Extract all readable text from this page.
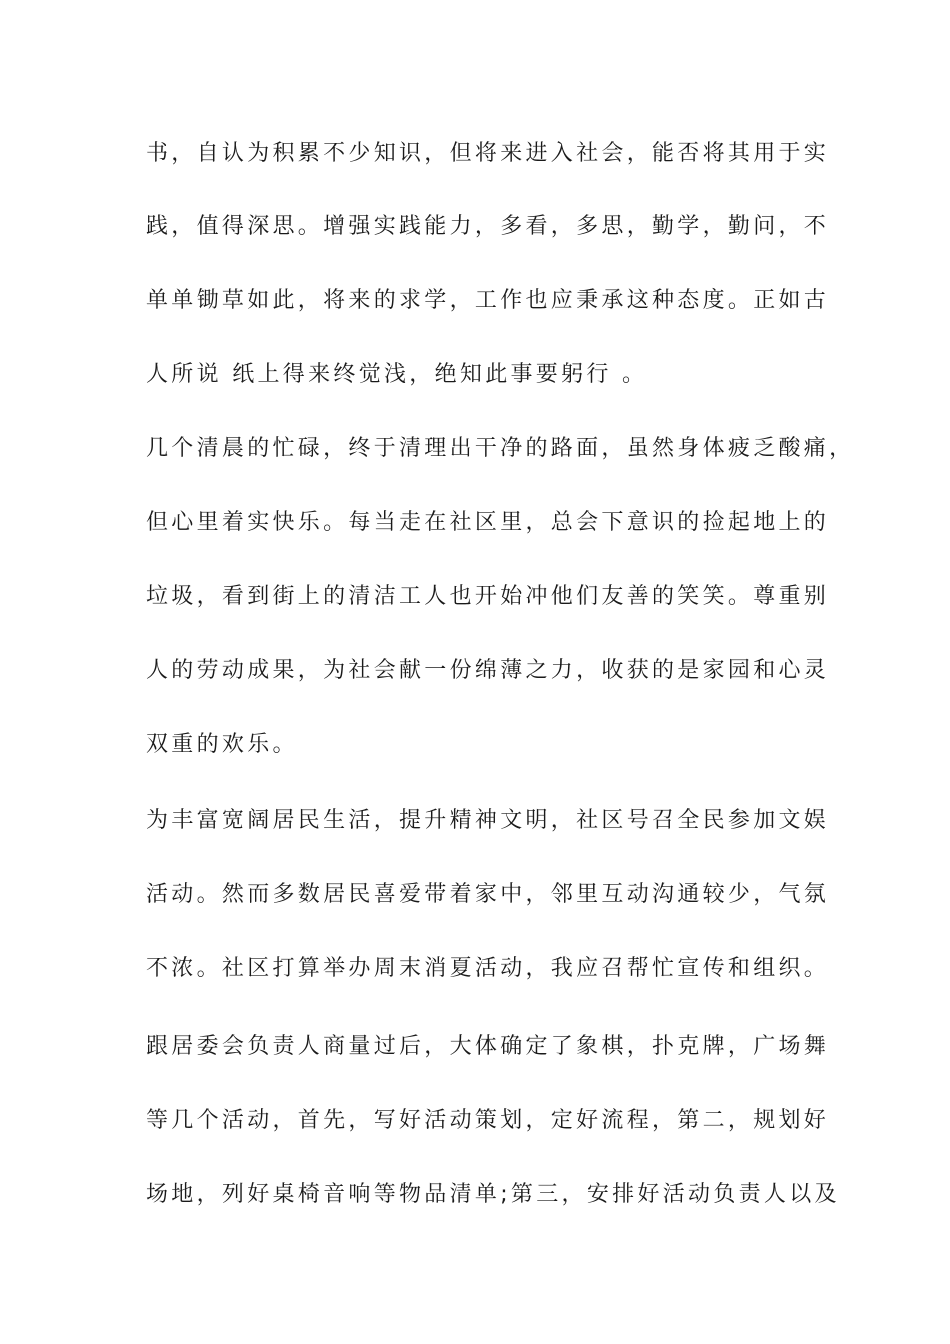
书，自认为积累不少知识，但将来进入社会，能否将其用于实
践，值得深思。增强实践能力，多看，多思，勤学，勤问，不
单单锄草如此，将来的求学，工作也应秉承这种态度。正如古
人所说 纸上得来终觉浅，绝知此事要躬行 。
几个清晨的忙碌，终于清理出干净的路面，虽然身体疲乏酸痛，
但心里着实快乐。每当走在社区里，总会下意识的捡起地上的
垃圾，看到街上的清洁工人也开始冲他们友善的笑笑。尊重别
人的劳动成果，为社会献一份绵薄之力，收获的是家园和心灵
双重的欢乐。
为丰富宽阔居民生活，提升精神文明，社区号召全民参加文娱
活动。然而多数居民喜爱带着家中，邻里互动沟通较少，气氛
不浓。社区打算举办周末消夏活动，我应召帮忙宣传和组织。
跟居委会负责人商量过后，大体确定了象棋，扑克牌，广场舞
等几个活动，首先，写好活动策划，定好流程，第二，规划好
场地，列好桌椅音响等物品清单;第三，安排好活动负责人以及
